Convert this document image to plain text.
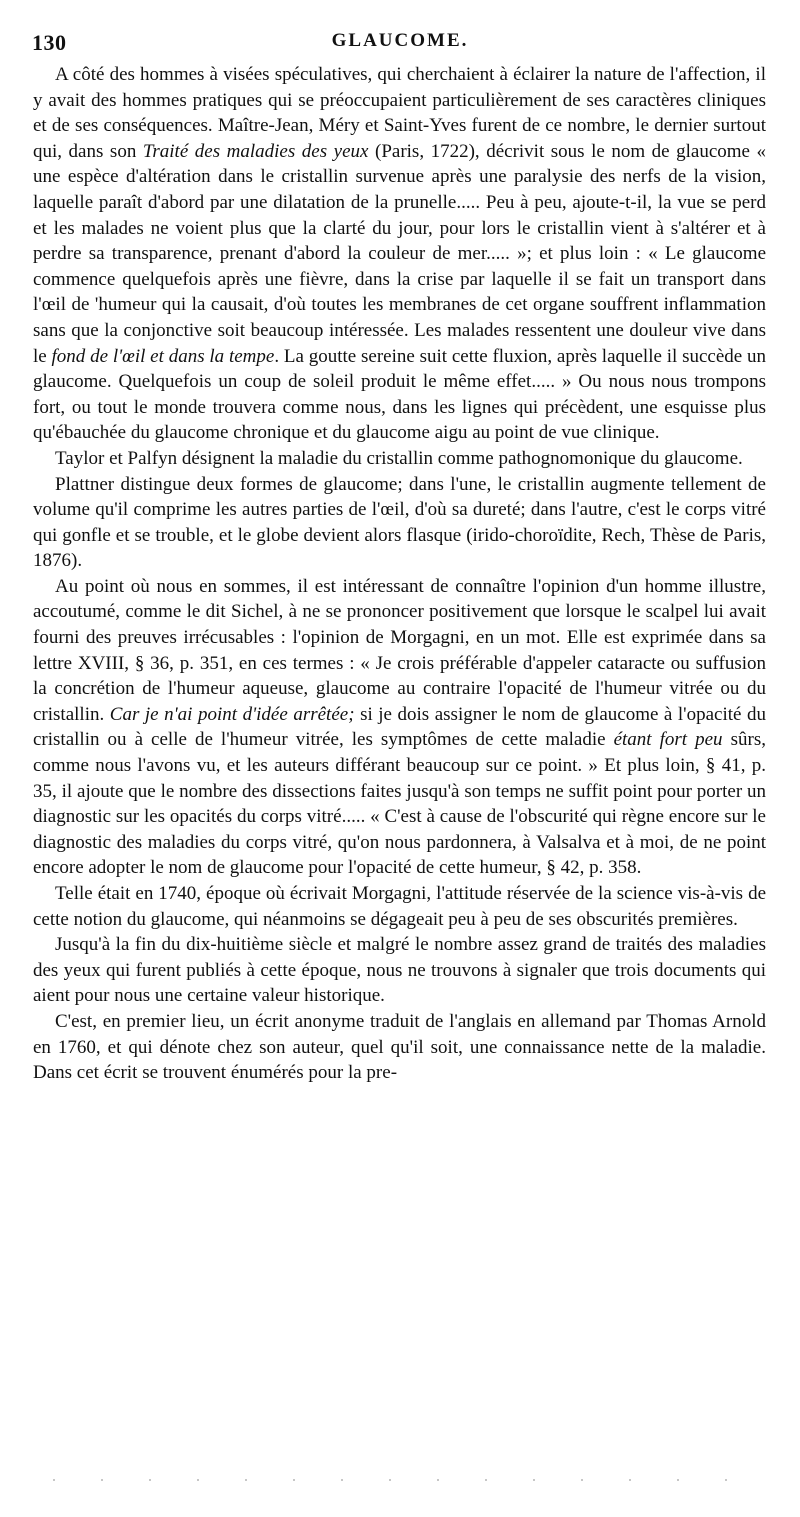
130	GLAUCOME.

A côté des hommes à visées spéculatives, qui cherchaient à éclairer la nature de l'affection, il y avait des hommes pratiques qui se préoccupaient particulièrement de ses caractères cliniques et de ses conséquences. Maître-Jean, Méry et Saint-Yves furent de ce nombre, le dernier surtout qui, dans son Traité des maladies des yeux (Paris, 1722), décrivit sous le nom de glaucome « une espèce d'altération dans le cristallin survenue après une paralysie des nerfs de la vision, laquelle paraît d'abord par une dilatation de la prunelle..... Peu à peu, ajoute-t-il, la vue se perd et les malades ne voient plus que la clarté du jour, pour lors le cristallin vient à s'altérer et à perdre sa transparence, prenant d'abord la couleur de mer..... »; et plus loin : « Le glaucome commence quelquefois après une fièvre, dans la crise par laquelle il se fait un transport dans l'œil de 'humeur qui la causait, d'où toutes les membranes de cet organe souffrent inflammation sans que la conjonctive soit beaucoup intéressée. Les malades ressentent une douleur vive dans le fond de l'œil et dans la tempe. La goutte sereine suit cette fluxion, après laquelle il succède un glaucome. Quelquefois un coup de soleil produit le même effet..... » Ou nous nous trompons fort, ou tout le monde trouvera comme nous, dans les lignes qui précèdent, une esquisse plus qu'ébauchée du glaucome chronique et du glaucome aigu au point de vue clinique.

Taylor et Palfyn désignent la maladie du cristallin comme pathognomonique du glaucome.

Plattner distingue deux formes de glaucome; dans l'une, le cristallin augmente tellement de volume qu'il comprime les autres parties de l'œil, d'où sa dureté; dans l'autre, c'est le corps vitré qui gonfle et se trouble, et le globe devient alors flasque (irido-choroïdite, Rech, Thèse de Paris, 1876).

Au point où nous en sommes, il est intéressant de connaître l'opinion d'un homme illustre, accoutumé, comme le dit Sichel, à ne se prononcer positivement que lorsque le scalpel lui avait fourni des preuves irrécusables : l'opinion de Morgagni, en un mot. Elle est exprimée dans sa lettre XVIII, § 36, p. 351, en ces termes : « Je crois préférable d'appeler cataracte ou suffusion la concrétion de l'humeur aqueuse, glaucome au contraire l'opacité de l'humeur vitrée ou du cristallin. Car je n'ai point d'idée arrêtée; si je dois assigner le nom de glaucome à l'opacité du cristallin ou à celle de l'humeur vitrée, les symptômes de cette maladie étant fort peu sûrs, comme nous l'avons vu, et les auteurs différant beaucoup sur ce point. » Et plus loin, § 41, p. 35, il ajoute que le nombre des dissections faites jusqu'à son temps ne suffit point pour porter un diagnostic sur les opacités du corps vitré..... « C'est à cause de l'obscurité qui règne encore sur le diagnostic des maladies du corps vitré, qu'on nous pardonnera, à Valsalva et à moi, de ne point encore adopter le nom de glaucome pour l'opacité de cette humeur, § 42, p. 358.

Telle était en 1740, époque où écrivait Morgagni, l'attitude réservée de la science vis-à-vis de cette notion du glaucome, qui néanmoins se dégageait peu à peu de ses obscurités premières.

Jusqu'à la fin du dix-huitième siècle et malgré le nombre assez grand de traités des maladies des yeux qui furent publiés à cette époque, nous ne trouvons à signaler que trois documents qui aient pour nous une certaine valeur historique.

C'est, en premier lieu, un écrit anonyme traduit de l'anglais en allemand par Thomas Arnold en 1760, et qui dénote chez son auteur, quel qu'il soit, une connaissance nette de la maladie. Dans cet écrit se trouvent énumérés pour la pre-
